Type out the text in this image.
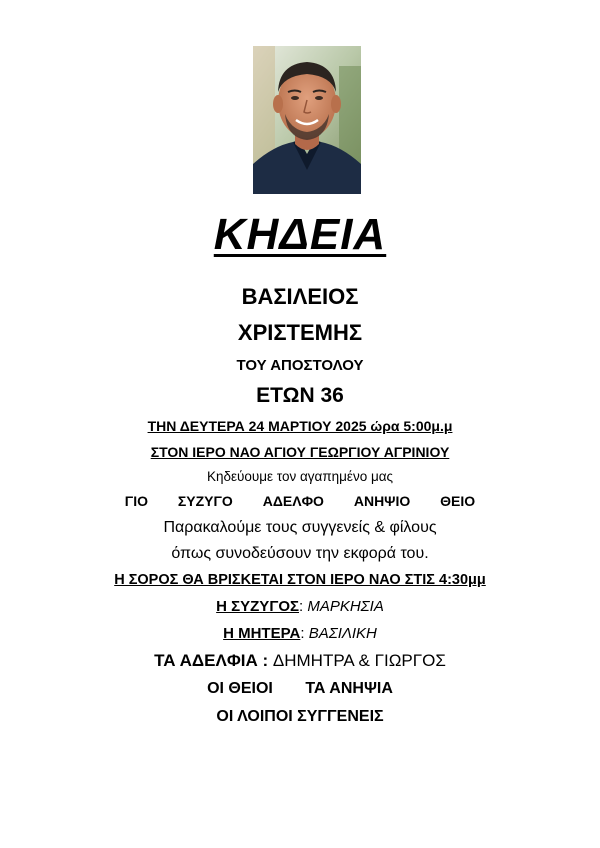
ΚΗΔΕΙΑ
ΒΑΣΙΛΕΙΟΣ
ΧΡΙΣΤΕΜΗΣ
ΤΟΥ ΑΠΟΣΤΟΛΟΥ
ΕΤΩΝ 36
ΤΗΝ ΔΕΥΤΕΡΑ 24 ΜΑΡΤΙΟΥ 2025 ώρα 5:00μ.μ
ΣΤΟΝ ΙΕΡΟ ΝΑΟ ΑΓΙΟΥ ΓΕΩΡΓΙΟΥ ΑΓΡΙΝΙΟΥ
Κηδεύουμε τον αγαπημένο μας
ΓΙΟ ΣΥΖΥΓΟ ΑΔΕΛΦΟ ΑΝΗΨΙΟ ΘΕΙΟ
Παρακαλούμε τους συγγενείς & φίλους
όπως συνοδεύσουν την εκφορά του.
Η ΣΟΡΟΣ ΘΑ ΒΡΙΣΚΕΤΑΙ ΣΤΟΝ ΙΕΡΟ ΝΑΟ ΣΤΙΣ 4:30μμ
Η ΣΥΖΥΓΟΣ: ΜΑΡΚΗΣΙΑ
Η ΜΗΤΕΡΑ: ΒΑΣΙΛΙΚΗ
ΤΑ ΑΔΕΛΦΙΑ : ΔΗΜΗΤΡΑ & ΓΙΩΡΓΟΣ
ΟΙ ΘΕΙΟΙ ΤΑ ΑΝΗΨΙΑ
ΟΙ ΛΟΙΠΟΙ ΣΥΓΓΕΝΕΙΣ
